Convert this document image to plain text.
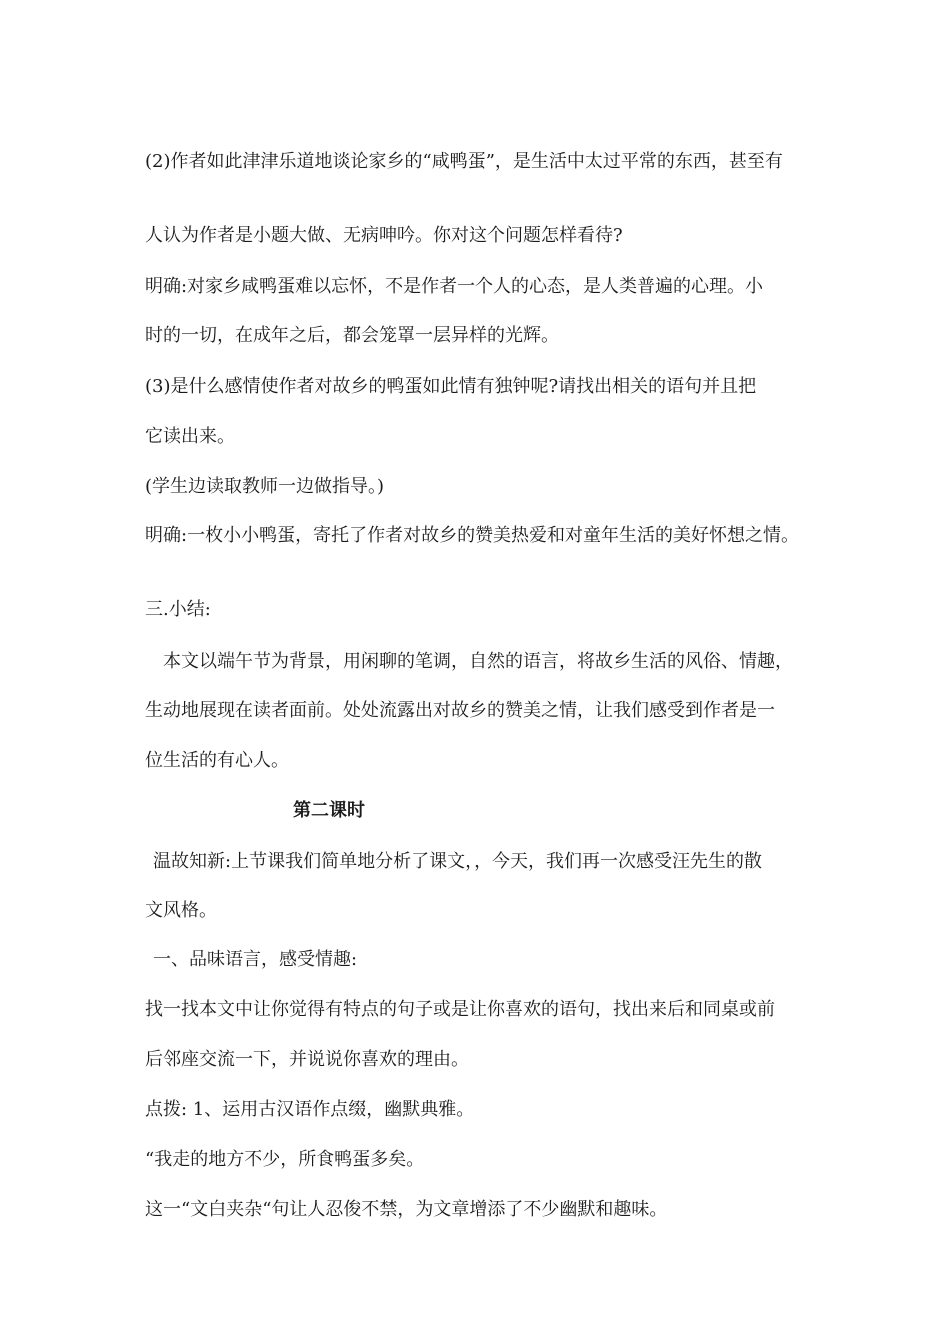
(2)作者如此津津乐道地谈论家乡的“咸鸭蛋”，是生活中太过平常的东西，甚至有
人认为作者是小题大做、无病呻吟。你对这个问题怎样看待?
明确:对家乡咸鸭蛋难以忘怀，不是作者一个人的心态，是人类普遍的心理。小
时的一切，在成年之后，都会笼罩一层异样的光辉。
(3)是什么感情使作者对故乡的鸭蛋如此情有独钟呢?请找出相关的语句并且把
它读出来。
(学生边读取教师一边做指导。)
明确:一枚小小鸭蛋，寄托了作者对故乡的赞美热爱和对童年生活的美好怀想之情。
三.小结:
本文以端午节为背景，用闲聊的笔调，自然的语言，将故乡生活的风俗、情趣，
生动地展现在读者面前。处处流露出对故乡的赞美之情，让我们感受到作者是一
位生活的有心人。
第二课时
温故知新:上节课我们简单地分析了课文，，今天，我们再一次感受汪先生的散
文风格。
一、品味语言，感受情趣:
找一找本文中让你觉得有特点的句子或是让你喜欢的语句，找出来后和同桌或前
后邻座交流一下，并说说你喜欢的理由。
点拨: 1、运用古汉语作点缀，幽默典雅。
“我走的地方不少，所食鸭蛋多矣。
这一“文白夹杂“句让人忍俊不禁，为文章增添了不少幽默和趣味。
